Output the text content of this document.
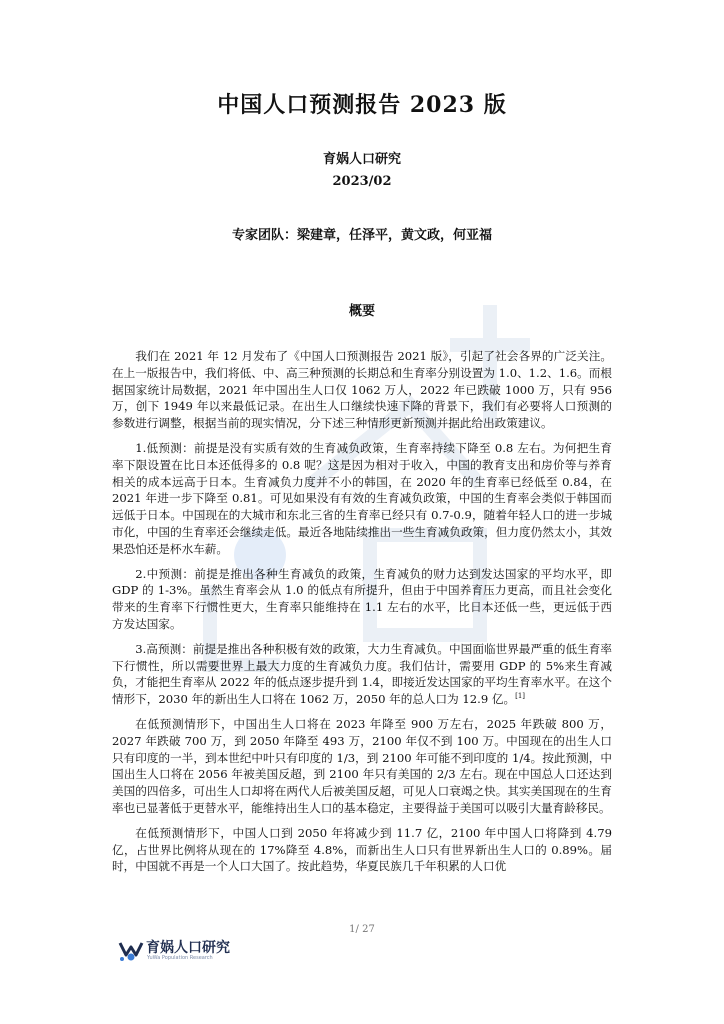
中国人口预测报告 2023 版
育娲人口研究
2023/02
专家团队：梁建章，任泽平，黄文政，何亚福
概要

我们在 2021 年 12 月发布了《中国人口预测报告 2021 版》，引起了社会各界的广泛关注。在上一版报告中，我们将低、中、高三种预测的长期总和生育率分别设置为 1.0、1.2、1.6。而根据国家统计局数据，2021 年中国出生人口仅 1062 万人，2022 年已跌破 1000 万，只有 956 万，创下 1949 年以来最低记录。在出生人口继续快速下降的背景下，我们有必要将人口预测的参数进行调整，根据当前的现实情况，分下述三种情形更新预测并据此给出政策建议。

1.低预测：前提是没有实质有效的生育减负政策，生育率持续下降至 0.8 左右。为何把生育率下限设置在比日本还低得多的 0.8 呢？这是因为相对于收入，中国的教育支出和房价等与养育相关的成本远高于日本。生育减负力度并不小的韩国，在 2020 年的生育率已经低至 0.84，在 2021 年进一步下降至 0.81。可见如果没有有效的生育减负政策，中国的生育率会类似于韩国而远低于日本。中国现在的大城市和东北三省的生育率已经只有 0.7-0.9，随着年轻人口的进一步城市化，中国的生育率还会继续走低。最近各地陆续推出一些生育减负政策，但力度仍然太小，其效果恐怕还是杯水车薪。

2.中预测：前提是推出各种生育减负的政策，生育减负的财力达到发达国家的平均水平，即 GDP 的 1-3%。虽然生育率会从 1.0 的低点有所提升，但由于中国养育压力更高，而且社会变化带来的生育率下行惯性更大，生育率只能维持在 1.1 左右的水平，比日本还低一些，更远低于西方发达国家。

3.高预测：前提是推出各种积极有效的政策，大力生育减负。中国面临世界最严重的低生育率下行惯性，所以需要世界上最大力度的生育减负力度。我们估计，需要用 GDP 的 5%来生育减负，才能把生育率从 2022 年的低点逐步提升到 1.4，即接近发达国家的平均生育率水平。在这个情形下，2030 年的新出生人口将在 1062 万，2050 年的总人口为 12.9 亿。[1]

在低预测情形下，中国出生人口将在 2023 年降至 900 万左右，2025 年跌破 800 万，2027 年跌破 700 万，到 2050 年降至 493 万，2100 年仅不到 100 万。中国现在的出生人口只有印度的一半，到本世纪中叶只有印度的 1/3，到 2100 年可能不到印度的 1/4。按此预测，中国出生人口将在 2056 年被美国反超，到 2100 年只有美国的 2/3 左右。现在中国总人口还达到美国的四倍多，可出生人口却将在两代人后被美国反超，可见人口衰竭之快。其实美国现在的生育率也已显著低于更替水平，能维持出生人口的基本稳定，主要得益于美国可以吸引大量育龄移民。

在低预测情形下，中国人口到 2050 年将减少到 11.7 亿，2100 年中国人口将降到 4.79 亿，占世界比例将从现在的 17%降至 4.8%，而新出生人口只有世界新出生人口的 0.89%。届时，中国就不再是一个人口大国了。按此趋势，华夏民族几千年积累的人口优

1/ 27
育娲人口研究
YuWa Population Research
